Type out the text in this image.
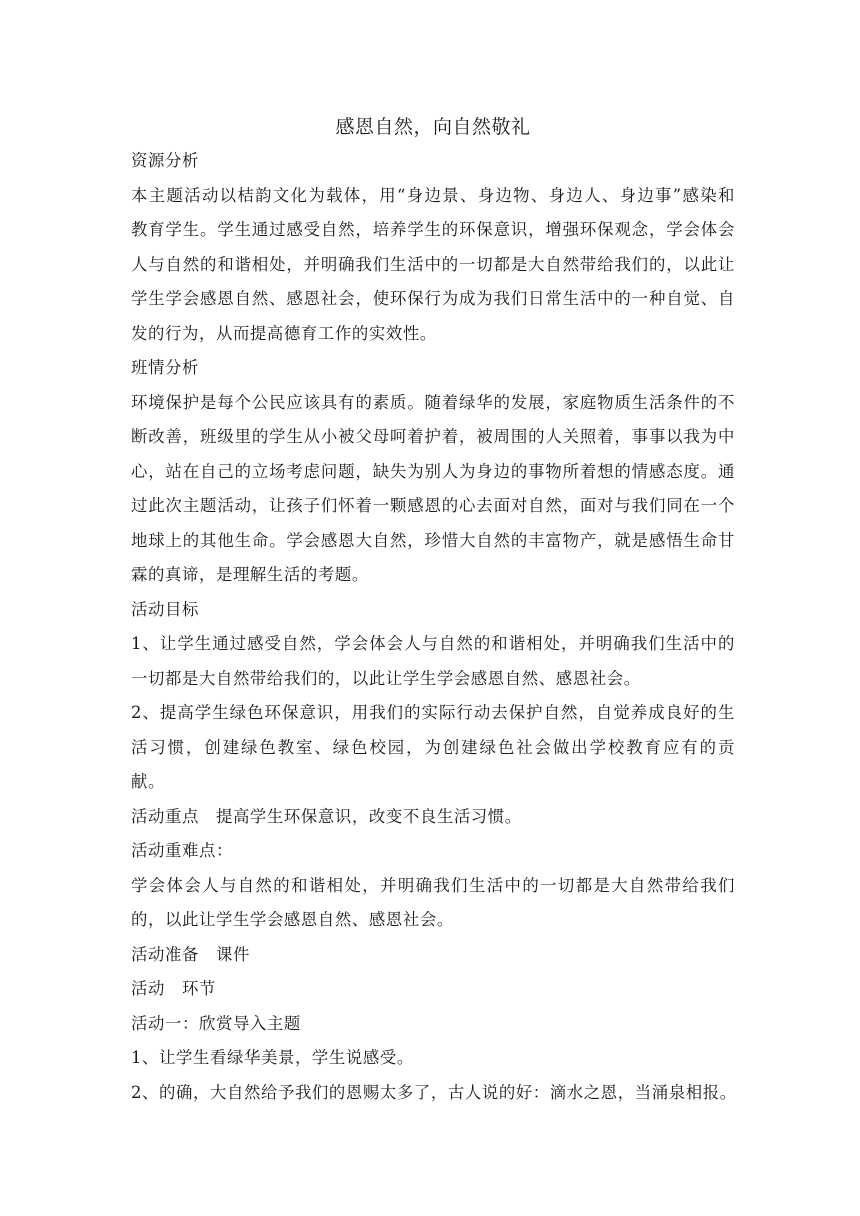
感恩自然，向自然敬礼

资源分析

本主题活动以桔韵文化为载体，用“身边景、身边物、身边人、身边事”感染和

教育学生。学生通过感受自然，培养学生的环保意识，增强环保观念，学会体会

人与自然的和谐相处，并明确我们生活中的一切都是大自然带给我们的，以此让

学生学会感恩自然、感恩社会，使环保行为成为我们日常生活中的一种自觉、自

发的行为，从而提高德育工作的实效性。

班情分析

环境保护是每个公民应该具有的素质。随着绿华的发展，家庭物质生活条件的不

断改善，班级里的学生从小被父母呵着护着，被周围的人关照着，事事以我为中

心，站在自己的立场考虑问题，缺失为别人为身边的事物所着想的情感态度。通

过此次主题活动，让孩子们怀着一颗感恩的心去面对自然，面对与我们同在一个

地球上的其他生命。学会感恩大自然，珍惜大自然的丰富物产，就是感悟生命甘

霖的真谛，是理解生活的考题。

活动目标

1、让学生通过感受自然，学会体会人与自然的和谐相处，并明确我们生活中的

一切都是大自然带给我们的，以此让学生学会感恩自然、感恩社会。

2、提高学生绿色环保意识，用我们的实际行动去保护自然，自觉养成良好的生

活习惯，创建绿色教室、绿色校园，为创建绿色社会做出学校教育应有的贡

献。

活动重点　提高学生环保意识，改变不良生活习惯。

活动重难点：

学会体会人与自然的和谐相处，并明确我们生活中的一切都是大自然带给我们

的，以此让学生学会感恩自然、感恩社会。

活动准备　课件

活动　环节

活动一：欣赏导入主题

1、让学生看绿华美景，学生说感受。

2、的确，大自然给予我们的恩赐太多了，古人说的好：滴水之恩，当涌泉相报。
